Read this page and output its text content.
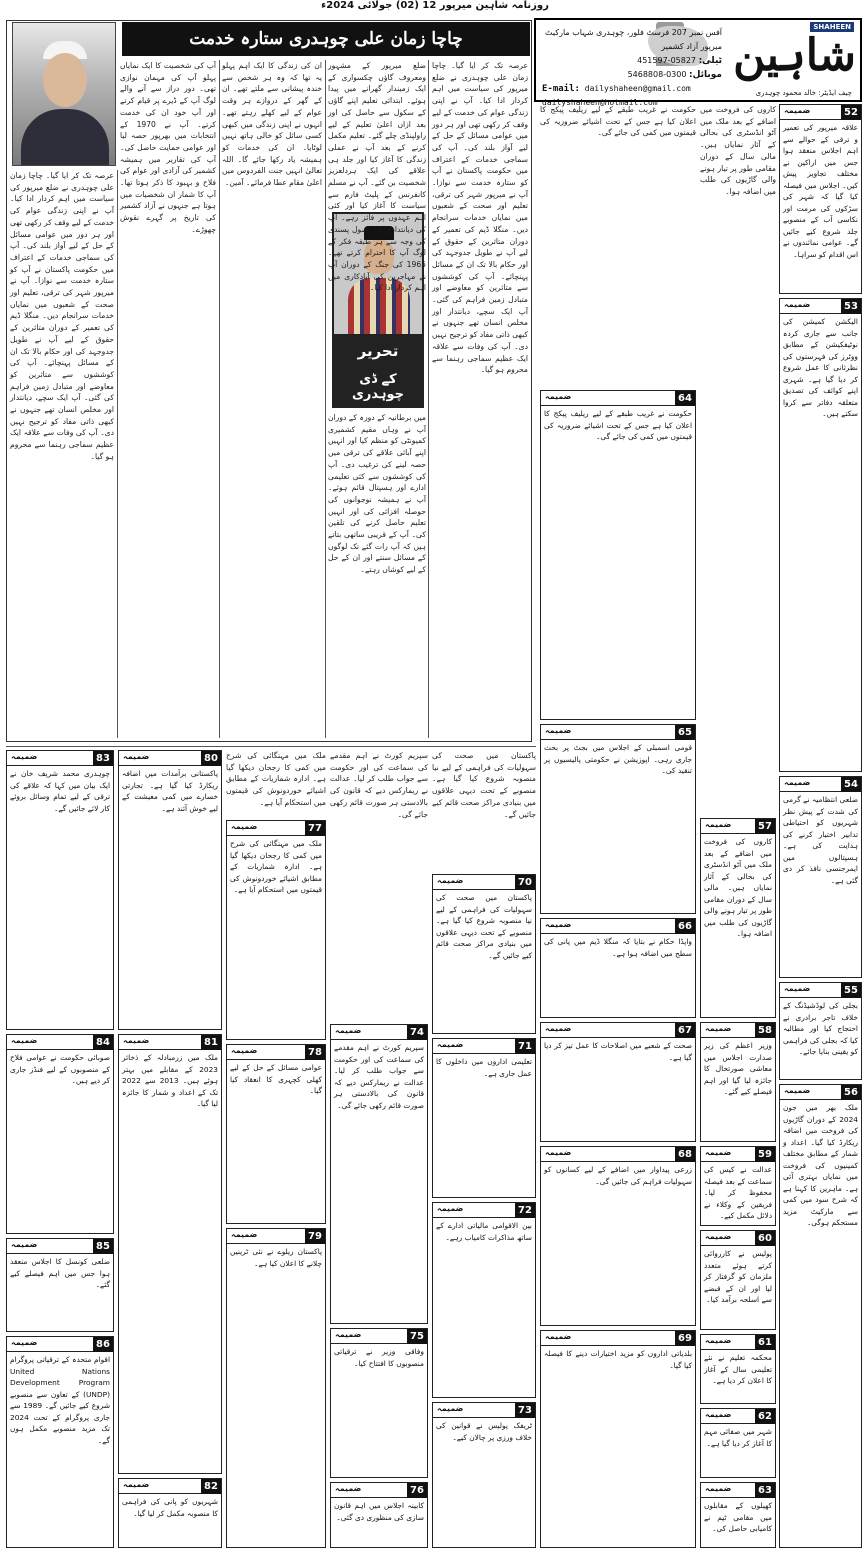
روزنامہ شاہین میرپور 12 (02) جولائی 2024ء
SHAHEEN
شاہین
چیف ایڈیٹر: خالد محمود چوہدری
آفس نمبر 207 فرسٹ فلور، چوہدری شہاب مارکیٹ میرپور آزاد کشمیر
ٹیلی: 05827-451597
موبائل: 0300-5468808
E-mail: dailyshaheen@gmail.com
dailyshaheen@hotmail.com
چاچا زمان علی چوہدری ستارہ خدمت
تحریر
کے ڈی چوہدری
عرصہ تک کر ایا گیا۔ چاچا زمان علی چوہدری نے ضلع میرپور کی سیاست میں اہم کردار ادا کیا۔ آپ نے اپنی زندگی عوام کی خدمت کے لیے وقف کر رکھی تھی اور ہر دور میں عوامی مسائل کے حل کے لیے آواز بلند کی۔ آپ کی سماجی خدمات کے اعتراف میں حکومت پاکستان نے آپ کو ستارہ خدمت سے نوازا۔ آپ نے میرپور شہر کی ترقی، تعلیم اور صحت کے شعبوں میں نمایاں خدمات سرانجام دیں۔ منگلا ڈیم کی تعمیر کے دوران متاثرین کے حقوق کے لیے آپ نے طویل جدوجہد کی اور حکام بالا تک ان کے مسائل پہنچائے۔ آپ کی کوششوں سے متاثرین کو معاوضے اور متبادل زمین فراہم کی گئی۔ آپ ایک سچے، دیانتدار اور مخلص انسان تھے جنہوں نے کبھی ذاتی مفاد کو ترجیح نہیں دی۔ آپ کی وفات سے علاقہ ایک عظیم سماجی رہنما سے محروم ہو گیا۔
ضلع میرپور کے مشہور ومعروف گاؤں چکسواری کے ایک زمیندار گھرانے میں پیدا ہوئے۔ ابتدائی تعلیم اپنے گاؤں کے سکول سے حاصل کی اور بعد ازاں اعلیٰ تعلیم کے لیے راولپنڈی چلے گئے۔ تعلیم مکمل کرنے کے بعد آپ نے عملی زندگی کا آغاز کیا اور جلد ہی علاقے کی ایک ہردلعزیز شخصیت بن گئے۔ آپ نے مسلم کانفرنس کے پلیٹ فارم سے سیاست کا آغاز کیا اور کئی اہم عہدوں پر فائز رہے۔ آپ کی دیانتداری اور اصول پسندی کی وجہ سے ہر طبقہ فکر کے لوگ آپ کا احترام کرتے تھے۔ 1965 کی جنگ کے دوران آپ نے مہاجرین کی آبادکاری میں اہم کردار ادا کیا۔
میں برطانیہ کے دورہ کے دوران آپ نے وہاں مقیم کشمیری کمیونٹی کو منظم کیا اور انہیں اپنے آبائی علاقے کی ترقی میں حصہ لینے کی ترغیب دی۔ آپ کی کوششوں سے کئی تعلیمی ادارے اور ہسپتال قائم ہوئے۔ آپ نے ہمیشہ نوجوانوں کی حوصلہ افزائی کی اور انہیں تعلیم حاصل کرنے کی تلقین کی۔ آپ کے قریبی ساتھی بتاتے ہیں کہ آپ رات گئے تک لوگوں کے مسائل سنتے اور ان کے حل کے لیے کوشاں رہتے۔
ان کی زندگی کا ایک اہم پہلو یہ تھا کہ وہ ہر شخص سے خندہ پیشانی سے ملتے تھے۔ ان کے گھر کے دروازے ہر وقت عوام کے لیے کھلے رہتے تھے۔ انہوں نے اپنی زندگی میں کبھی کسی سائل کو خالی ہاتھ نہیں لوٹایا۔ ان کی خدمات کو ہمیشہ یاد رکھا جائے گا۔ اللہ تعالیٰ انہیں جنت الفردوس میں اعلیٰ مقام عطا فرمائے۔ آمین۔
آپ کی شخصیت کا ایک نمایاں پہلو آپ کی مہمان نوازی تھی۔ دور دراز سے آنے والے لوگ آپ کے ڈیرے پر قیام کرتے اور آپ خود ان کی خدمت کرتے۔ آپ نے 1970 کے انتخابات میں بھرپور حصہ لیا اور عوامی حمایت حاصل کی۔ آپ کی تقاریر میں ہمیشہ کشمیر کی آزادی اور عوام کی فلاح و بہبود کا ذکر ہوتا تھا۔ آپ کا شمار ان شخصیات میں ہوتا ہے جنہوں نے آزاد کشمیر کی تاریخ پر گہرے نقوش چھوڑے۔
عرصہ تک کر ایا گیا۔ چاچا زمان علی چوہدری نے ضلع میرپور کی سیاست میں اہم کردار ادا کیا۔ آپ نے اپنی زندگی عوام کی خدمت کے لیے وقف کر رکھی تھی اور ہر دور میں عوامی مسائل کے حل کے لیے آواز بلند کی۔ آپ کی سماجی خدمات کے اعتراف میں حکومت پاکستان نے آپ کو ستارہ خدمت سے نوازا۔ آپ نے میرپور شہر کی ترقی، تعلیم اور صحت کے شعبوں میں نمایاں خدمات سرانجام دیں۔ منگلا ڈیم کی تعمیر کے دوران متاثرین کے حقوق کے لیے آپ نے طویل جدوجہد کی اور حکام بالا تک ان کے مسائل پہنچائے۔ آپ کی کوششوں سے متاثرین کو معاوضے اور متبادل زمین فراہم کی گئی۔ آپ ایک سچے، دیانتدار اور مخلص انسان تھے جنہوں نے کبھی ذاتی مفاد کو ترجیح نہیں دی۔ آپ کی وفات سے علاقہ ایک عظیم سماجی رہنما سے محروم ہو گیا۔
52
ضمیمہ
علاقہ میرپور کی تعمیر و ترقی کے حوالے سے اہم اجلاس منعقد ہوا جس میں اراکین نے مختلف تجاویز پیش کیں۔ اجلاس میں فیصلہ کیا گیا کہ شہر کی سڑکوں کی مرمت اور نکاسی آب کے منصوبے جلد شروع کیے جائیں گے۔ عوامی نمائندوں نے اس اقدام کو سراہا۔
53
ضمیمہ
الیکشن کمیشن کی جانب سے جاری کردہ نوٹیفکیشن کے مطابق ووٹرز کی فہرستوں کی نظرثانی کا عمل شروع کر دیا گیا ہے۔ شہری اپنے کوائف کی تصدیق متعلقہ دفاتر سے کروا سکتے ہیں۔
54
ضمیمہ
ضلعی انتظامیہ نے گرمی کی شدت کے پیش نظر شہریوں کو احتیاطی تدابیر اختیار کرنے کی ہدایت کی ہے۔ ہسپتالوں میں ایمرجنسی نافذ کر دی گئی ہے۔
55
ضمیمہ
بجلی کی لوڈشیڈنگ کے خلاف تاجر برادری نے احتجاج کیا اور مطالبہ کیا کہ بجلی کی فراہمی کو یقینی بنایا جائے۔
56
ضمیمہ
ملک بھر میں جون 2024 کے دوران گاڑیوں کی فروخت میں اضافہ ریکارڈ کیا گیا۔ اعداد و شمار کے مطابق مختلف کمپنیوں کی فروخت میں نمایاں بہتری آئی ہے۔ ماہرین کا کہنا ہے کہ شرح سود میں کمی سے مارکیٹ مزید مستحکم ہوگی۔
کاروں کی فروخت میں اضافے کے بعد ملک میں آٹو انڈسٹری کی بحالی کے آثار نمایاں ہیں۔ مالی سال کے دوران مقامی طور پر تیار ہونے والی گاڑیوں کی طلب میں اضافہ ہوا۔
57
ضمیمہ
کاروں کی فروخت میں اضافے کے بعد ملک میں آٹو انڈسٹری کی بحالی کے آثار نمایاں ہیں۔ مالی سال کے دوران مقامی طور پر تیار ہونے والی گاڑیوں کی طلب میں اضافہ ہوا۔
58
ضمیمہ
وزیر اعظم کی زیر صدارت اجلاس میں معاشی صورتحال کا جائزہ لیا گیا اور اہم فیصلے کیے گئے۔
59
ضمیمہ
عدالت نے کیس کی سماعت کے بعد فیصلہ محفوظ کر لیا۔ فریقین کے وکلاء نے دلائل مکمل کیے۔
60
ضمیمہ
پولیس نے کارروائی کرتے ہوئے متعدد ملزمان کو گرفتار کر لیا اور ان کے قبضے سے اسلحہ برآمد کیا۔
61
ضمیمہ
محکمہ تعلیم نے نئے تعلیمی سال کے آغاز کا اعلان کر دیا ہے۔
62
ضمیمہ
شہر میں صفائی مہم کا آغاز کر دیا گیا ہے۔
63
ضمیمہ
کھیلوں کے مقابلوں میں مقامی ٹیم نے کامیابی حاصل کی۔
حکومت نے غریب طبقے کے لیے ریلیف پیکج کا اعلان کیا ہے جس کے تحت اشیائے ضروریہ کی قیمتوں میں کمی کی جائے گی۔
64
ضمیمہ
حکومت نے غریب طبقے کے لیے ریلیف پیکج کا اعلان کیا ہے جس کے تحت اشیائے ضروریہ کی قیمتوں میں کمی کی جائے گی۔
65
ضمیمہ
قومی اسمبلی کے اجلاس میں بجٹ پر بحث جاری رہی۔ اپوزیشن نے حکومتی پالیسیوں پر تنقید کی۔
66
ضمیمہ
واپڈا حکام نے بتایا کہ منگلا ڈیم میں پانی کی سطح میں اضافہ ہوا ہے۔
67
ضمیمہ
صحت کے شعبے میں اصلاحات کا عمل تیز کر دیا گیا ہے۔
68
ضمیمہ
زرعی پیداوار میں اضافے کے لیے کسانوں کو سہولیات فراہم کی جائیں گی۔
69
ضمیمہ
بلدیاتی اداروں کو مزید اختیارات دینے کا فیصلہ کیا گیا۔
پاکستان میں صحت کی سہولیات کی فراہمی کے لیے نیا منصوبہ شروع کیا گیا ہے۔ منصوبے کے تحت دیہی علاقوں میں بنیادی مراکز صحت قائم کیے جائیں گے۔
70
ضمیمہ
پاکستان میں صحت کی سہولیات کی فراہمی کے لیے نیا منصوبہ شروع کیا گیا ہے۔ منصوبے کے تحت دیہی علاقوں میں بنیادی مراکز صحت قائم کیے جائیں گے۔
71
ضمیمہ
تعلیمی اداروں میں داخلوں کا عمل جاری ہے۔
72
ضمیمہ
بین الاقوامی مالیاتی ادارے کے ساتھ مذاکرات کامیاب رہے۔
73
ضمیمہ
ٹریفک پولیس نے قوانین کی خلاف ورزی پر چالان کیے۔
سپریم کورٹ نے اہم مقدمے کی سماعت کی اور حکومت سے جواب طلب کر لیا۔ عدالت نے ریمارکس دیے کہ قانون کی بالادستی ہر صورت قائم رکھی جائے گی۔
74
ضمیمہ
سپریم کورٹ نے اہم مقدمے کی سماعت کی اور حکومت سے جواب طلب کر لیا۔ عدالت نے ریمارکس دیے کہ قانون کی بالادستی ہر صورت قائم رکھی جائے گی۔
75
ضمیمہ
وفاقی وزیر نے ترقیاتی منصوبوں کا افتتاح کیا۔
76
ضمیمہ
کابینہ اجلاس میں اہم قانون سازی کی منظوری دی گئی۔
ملک میں مہنگائی کی شرح میں کمی کا رجحان دیکھا گیا ہے۔ ادارہ شماریات کے مطابق اشیائے خوردونوش کی قیمتوں میں استحکام آیا ہے۔
77
ضمیمہ
ملک میں مہنگائی کی شرح میں کمی کا رجحان دیکھا گیا ہے۔ ادارہ شماریات کے مطابق اشیائے خوردونوش کی قیمتوں میں استحکام آیا ہے۔
78
ضمیمہ
عوامی مسائل کے حل کے لیے کھلی کچہری کا انعقاد کیا گیا۔
79
ضمیمہ
پاکستان ریلوے نے نئی ٹرینیں چلانے کا اعلان کیا ہے۔
80
ضمیمہ
پاکستانی برآمدات میں اضافہ ریکارڈ کیا گیا ہے۔ تجارتی خسارے میں کمی معیشت کے لیے خوش آئند ہے۔
81
ضمیمہ
ملک میں زرمبادلہ کے ذخائر 2023 کے مقابلے میں بہتر ہوئے ہیں۔ 2013 سے 2022 تک کے اعداد و شمار کا جائزہ لیا گیا۔
82
ضمیمہ
شہریوں کو پانی کی فراہمی کا منصوبہ مکمل کر لیا گیا۔
83
ضمیمہ
چوہدری محمد شریف خان نے ایک بیان میں کہا کہ علاقے کی ترقی کے لیے تمام وسائل بروئے کار لائے جائیں گے۔
84
ضمیمہ
صوبائی حکومت نے عوامی فلاح کے منصوبوں کے لیے فنڈز جاری کر دیے ہیں۔
85
ضمیمہ
ضلعی کونسل کا اجلاس منعقد ہوا جس میں اہم فیصلے کیے گئے۔
86
ضمیمہ
اقوام متحدہ کے ترقیاتی پروگرام United Nations Development Program (UNDP) کے تعاون سے منصوبے شروع کیے جائیں گے۔ 1989 سے جاری پروگرام کے تحت 2024 تک مزید منصوبے مکمل ہوں گے۔
